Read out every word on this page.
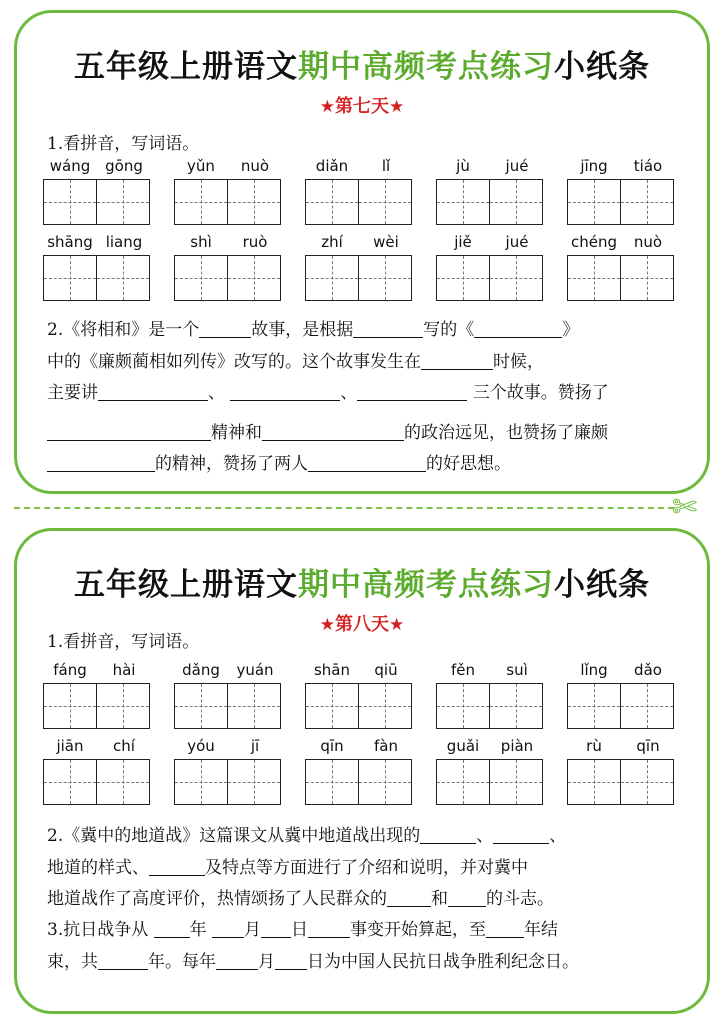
五年级上册语文期中高频考点练习小纸条
★第七天★
1.看拼音，写词语。
wáng gōng	yǔn	nuò	diǎn	lǐ	jù	jué	jīng	tiáo
shāng liang	shì	ruò	zhí	wèi	jiě	jué	chéng	nuò
2.《将相和》是一个	故事，是根据	写的《	》
中的《廉颇蔺相如列传》改写的。这个故事发生在	时候，
主要讲	、	、	三个故事。赞扬了
精神和	的政治远见，也赞扬了廉颇
的精神，赞扬了两人	的好思想。
✄
五年级上册语文期中高频考点练习小纸条
★第八天★
1.看拼音，写词语。
fáng	hài	dǎng	yuán	shān	qiū	fěn	suì	lǐng	dǎo
jiān	chí	yóu	jī	qīn	fàn	guǎi	piàn	rù	qīn
2.《冀中的地道战》这篇课文从冀中地道战出现的	、	、
地道的样式、	及特点等方面进行了介绍和说明，并对冀中
地道战作了高度评价，热情颂扬了人民群众的	和 的斗志。
3.抗日战争从 年 月 日 事变开始算起，至 年结
束，共	年。每年 月 日为中国人民抗日战争胜利纪念日。
